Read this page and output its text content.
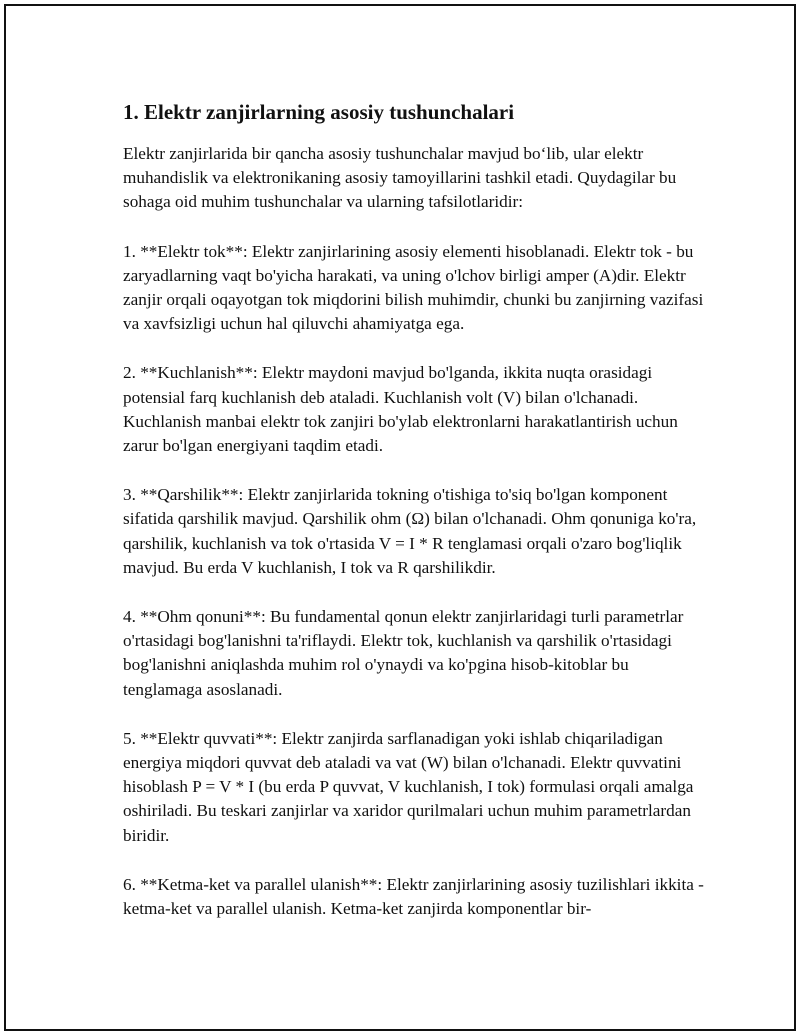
1. Elektr zanjirlarning asosiy tushunchalari

Elektr zanjirlarida bir qancha asosiy tushunchalar mavjud bo‘lib, ular elektr muhandislik va elektronikaning asosiy tamoyillarini tashkil etadi. Quydagilar bu sohaga oid muhim tushunchalar va ularning tafsilotlaridir:

1. **Elektr tok**: Elektr zanjirlarining asosiy elementi hisoblanadi. Elektr tok - bu zaryadlarning vaqt bo'yicha harakati, va uning o'lchov birligi amper (A)dir. Elektr zanjir orqali oqayotgan tok miqdorini bilish muhimdir, chunki bu zanjirning vazifasi va xavfsizligi uchun hal qiluvchi ahamiyatga ega.

2. **Kuchlanish**: Elektr maydoni mavjud bo'lganda, ikkita nuqta orasidagi potensial farq kuchlanish deb ataladi. Kuchlanish volt (V) bilan o'lchanadi. Kuchlanish manbai elektr tok zanjiri bo'ylab elektronlarni harakatlantirish uchun zarur bo'lgan energiyani taqdim etadi.

3. **Qarshilik**: Elektr zanjirlarida tokning o'tishiga to'siq bo'lgan komponent sifatida qarshilik mavjud. Qarshilik ohm (Ω) bilan o'lchanadi. Ohm qonuniga ko'ra, qarshilik, kuchlanish va tok o'rtasida V = I * R tenglamasi orqali o'zaro bog'liqlik mavjud. Bu erda V kuchlanish, I tok va R qarshilikdir.

4. **Ohm qonuni**: Bu fundamental qonun elektr zanjirlaridagi turli parametrlar o'rtasidagi bog'lanishni ta'riflaydi. Elektr tok, kuchlanish va qarshilik o'rtasidagi bog'lanishni aniqlashda muhim rol o'ynaydi va ko'pgina hisob-kitoblar bu tenglamaga asoslanadi.

5. **Elektr quvvati**: Elektr zanjirda sarflanadigan yoki ishlab chiqariladigan energiya miqdori quvvat deb ataladi va vat (W) bilan o'lchanadi. Elektr quvvatini hisoblash P = V * I (bu erda P quvvat, V kuchlanish, I tok) formulasi orqali amalga oshiriladi. Bu teskari zanjirlar va xaridor qurilmalari uchun muhim parametrlardan biridir.

6. **Ketma-ket va parallel ulanish**: Elektr zanjirlarining asosiy tuzilishlari ikkita - ketma-ket va parallel ulanish. Ketma-ket zanjirda komponentlar bir-
